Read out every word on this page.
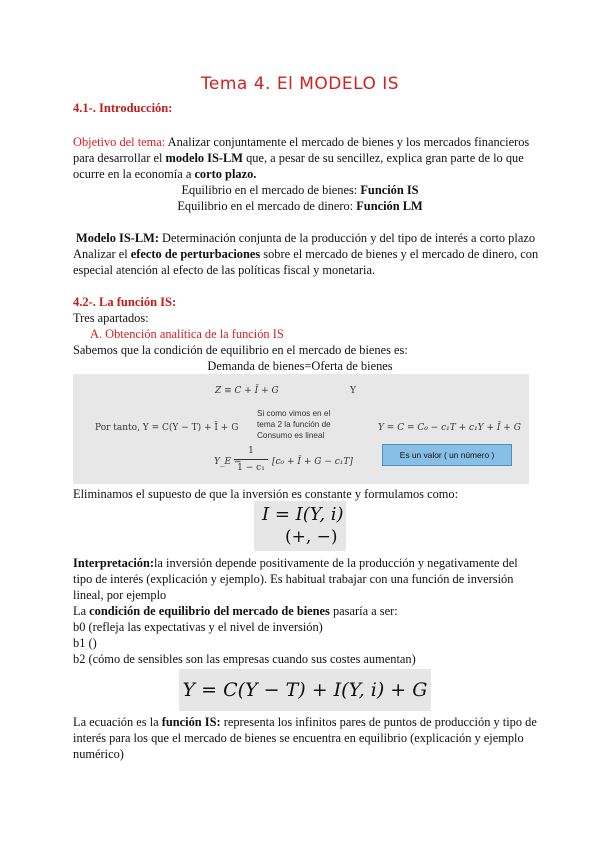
Tema 4. El MODELO IS
4.1-. Introducción:
Objetivo del tema: Analizar conjuntamente el mercado de bienes y los mercados financieros
para desarrollar el modelo IS-LM que, a pesar de su sencillez, explica gran parte de lo que
ocurre en la economía a corto plazo.
Equilibrio en el mercado de bienes: Función IS
Equilibrio en el mercado de dinero: Función LM
Modelo IS-LM: Determinación conjunta de la producción y del tipo de interés a corto plazo
Analizar el efecto de perturbaciones sobre el mercado de bienes y el mercado de dinero, con
especial atención al efecto de las políticas fiscal y monetaria.
4.2-. La función IS:
Tres apartados:
A. Obtención analítica de la función IS
Sabemos que la condición de equilibrio en el mercado de bienes es:
Demanda de bienes=Oferta de bienes
Z ≡ C + Ī + G	Y
Por tanto, Y = C(Y − T) + Ī + G
Si como vimos en el
tema 2 la función de
Consumo es lineal
Y = C = C₀ − c₁T + c₁Y + Ī + G
Y_E =
$\frac{1}{\text{1 − c₁}} [c_0$ + Ī + G − c₁T]
Es un valor ( un número )
Eliminamos el supuesto de que la inversión es constante y formulamos como:
I = I(Y, i)
(+, −)
Interpretación:la inversión depende positivamente de la producción y negativamente del
tipo de interés (explicación y ejemplo). Es habitual trabajar con una función de inversión
lineal, por ejemplo
La condición de equilibrio del mercado de bienes pasaría a ser:
b0 (refleja las expectativas y el nivel de inversión)
b1 ()
b2 (cómo de sensibles son las empresas cuando sus costes aumentan)
Y = C(Y − T) + I(Y, i) + G
La ecuación es la función IS: representa los infinitos pares de puntos de producción y tipo de
interés para los que el mercado de bienes se encuentra en equilibrio (explicación y ejemplo
numérico)
